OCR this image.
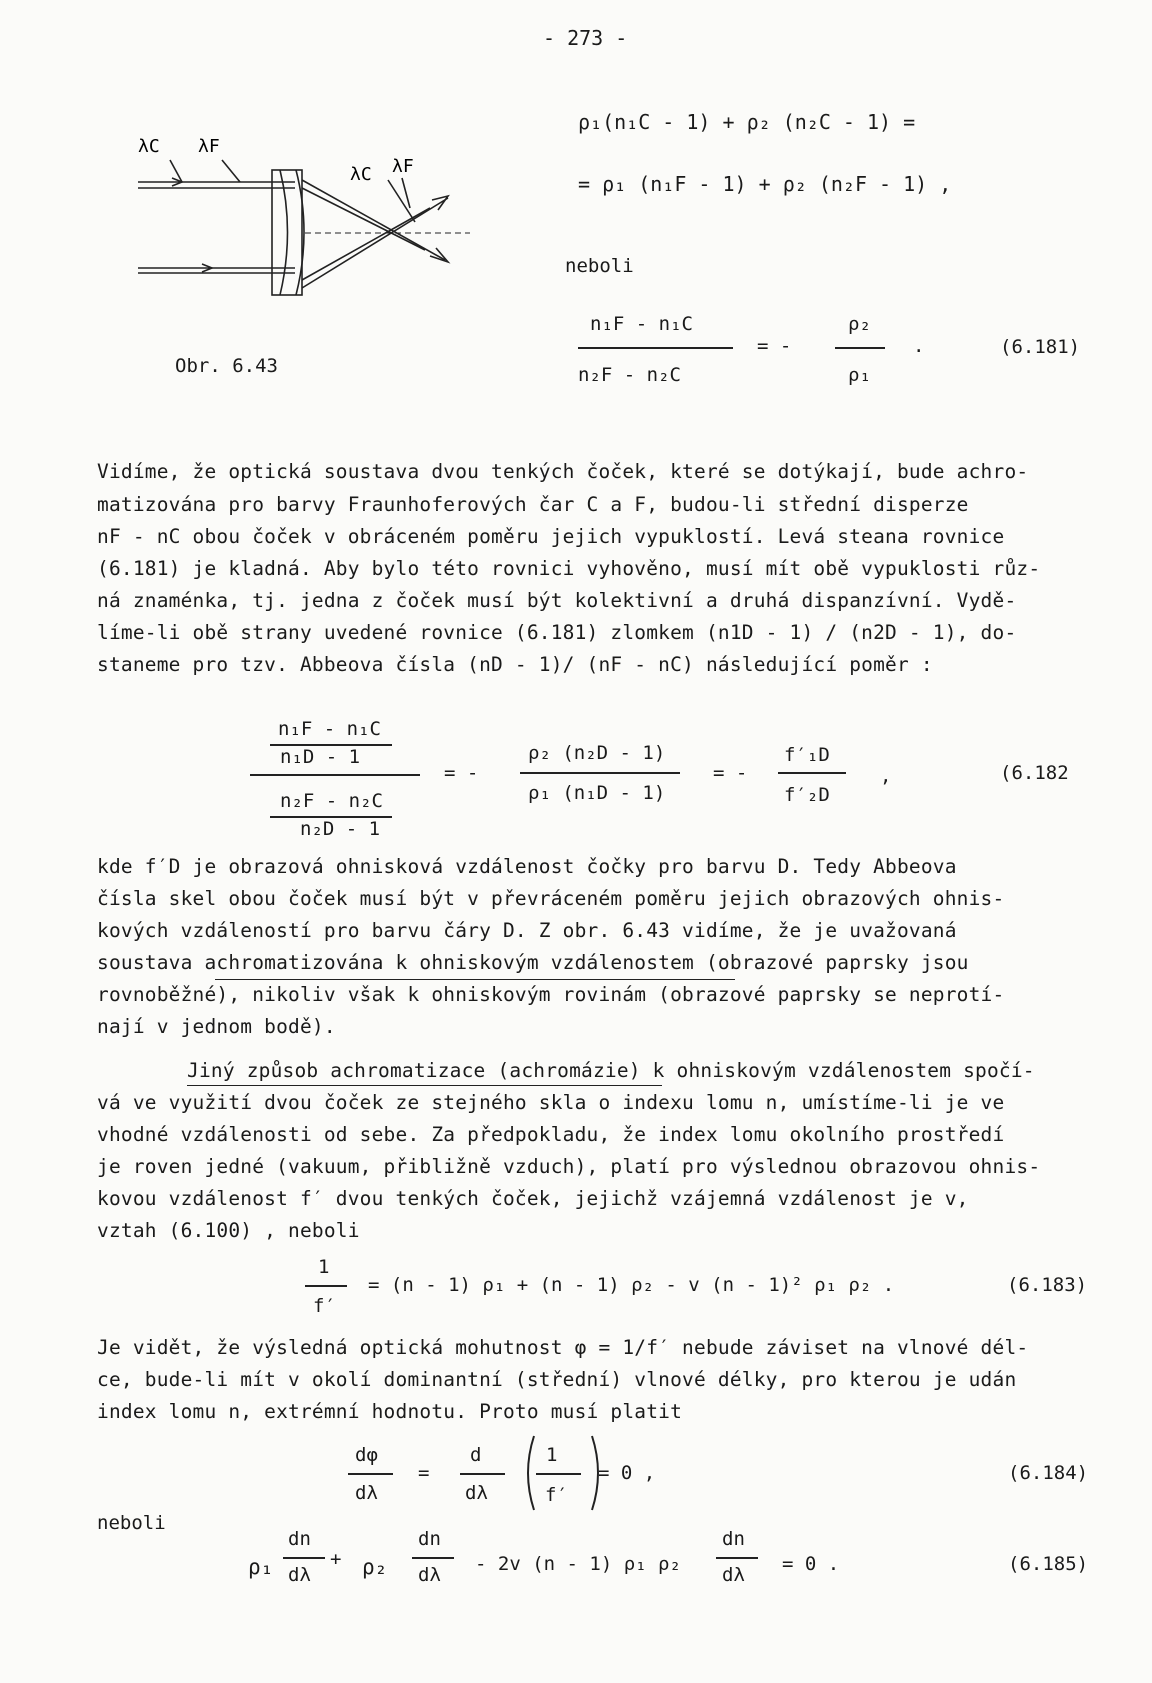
- 273 -
λC λF
λC λF
Obr. 6.43
ρ₁(n₁C - 1) + ρ₂ (n₂C - 1) =
= ρ₁ (n₁F - 1) + ρ₂ (n₂F - 1) ,
neboli
n₁F - n₁C
n₂F - n₂C
= -
ρ₂
ρ₁
.	(6.181)
Vidíme, že optická soustava dvou tenkých čoček, které se dotýkají, bude achro-
matizována pro barvy Fraunhoferových čar C a F, budou-li střední disperze
nF - nC obou čoček v obráceném poměru jejich vypuklostí. Levá steana rovnice
(6.181) je kladná. Aby bylo této rovnici vyhověno, musí mít obě vypuklosti růz-
ná znaménka, tj. jedna z čoček musí být kolektivní a druhá dispanzívní. Vydě-
líme-li obě strany uvedené rovnice (6.181) zlomkem (n1D - 1) / (n2D - 1), do-
staneme pro tzv. Abbeova čísla (nD - 1)/ (nF - nC) následující poměr :
n₁F - n₁C
n₁D - 1
n₂F - n₂C
n₂D - 1
= -
ρ₂ (n₂D - 1)
ρ₁ (n₁D - 1)
= -
f′₁D
f′₂D
,	(6.182
kde f′D je obrazová ohnisková vzdálenost čočky pro barvu D. Tedy Abbeova
čísla skel obou čoček musí být v převráceném poměru jejich obrazových ohnis-
kových vzdáleností pro barvu čáry D. Z obr. 6.43 vidíme, že je uvažovaná
soustava achromatizována k ohniskovým vzdálenostem (obrazové paprsky jsou
rovnoběžné), nikoliv však k ohniskovým rovinám (obrazové paprsky se neprotí-
nají v jednom bodě).
Jiný způsob achromatizace (achromázie) k ohniskovým vzdálenostem spočí-
vá ve využití dvou čoček ze stejného skla o indexu lomu n, umístíme-li je ve
vhodné vzdálenosti od sebe. Za předpokladu, že index lomu okolního prostředí
je roven jedné (vakuum, přibližně vzduch), platí pro výslednou obrazovou ohnis-
kovou vzdálenost f′ dvou tenkých čoček, jejichž vzájemná vzdálenost je v,
vztah (6.100) , neboli
1
f′
= (n - 1) ρ₁ + (n - 1) ρ₂ - v (n - 1)² ρ₁ ρ₂ .	(6.183)
Je vidět, že výsledná optická mohutnost φ = 1/f′ nebude záviset na vlnové dél-
ce, bude-li mít v okolí dominantní (střední) vlnové délky, pro kterou je udán
index lomu n, extrémní hodnotu. Proto musí platit
dφ
dλ
=
d
dλ
1
f′
= 0 ,	(6.184)
neboli
ρ₁
dn
dλ
+ ρ₂
dn
dλ - 2v (n - 1) ρ₁ ρ₂
dn
dλ = 0 .	(6.185)
